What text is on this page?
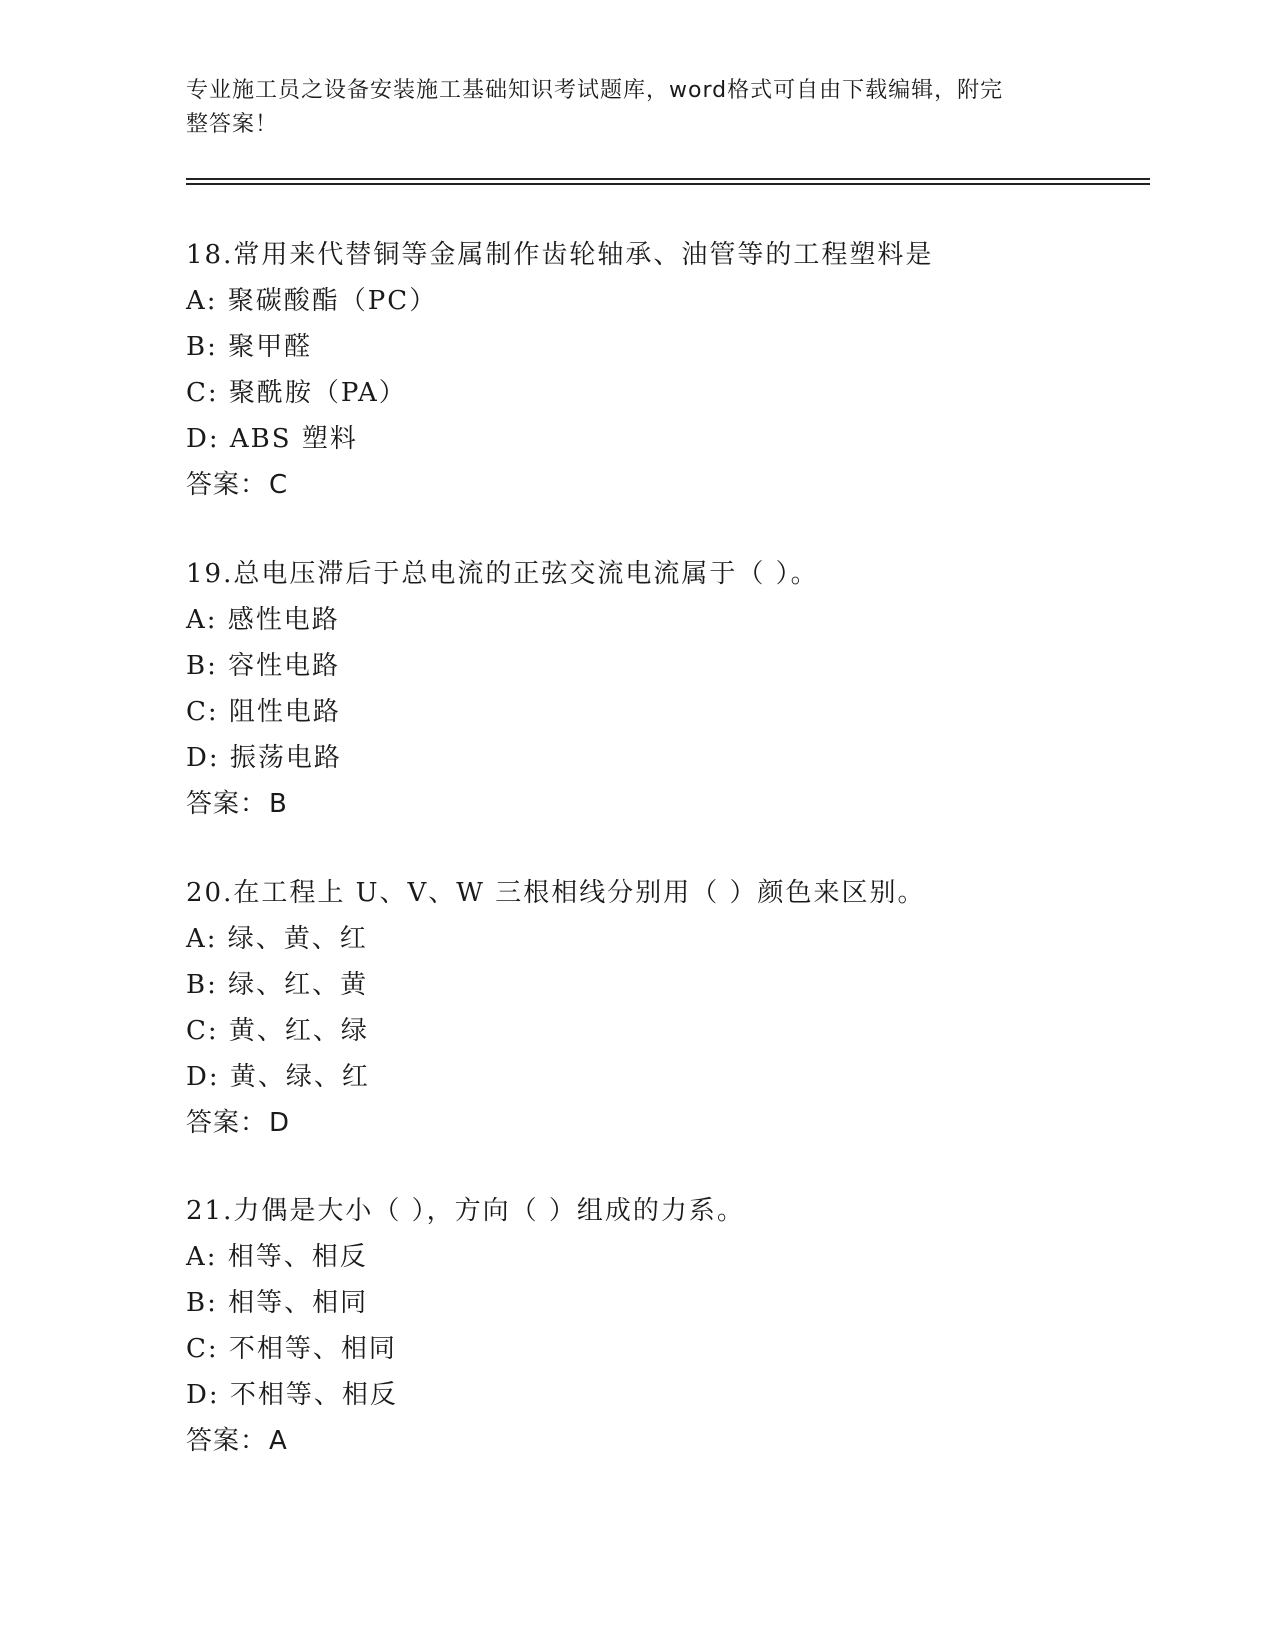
专业施工员之设备安装施工基础知识考试题库，word格式可自由下载编辑，附完
整答案！
18.常用来代替铜等金属制作齿轮轴承、油管等的工程塑料是
A: 聚碳酸酯（PC）
B: 聚甲醛
C: 聚酰胺（PA）
D: ABS 塑料
答案：C
19.总电压滞后于总电流的正弦交流电流属于（ ）。
A: 感性电路
B: 容性电路
C: 阻性电路
D: 振荡电路
答案：B
20.在工程上 U、V、W 三根相线分别用（ ）颜色来区别。
A: 绿、黄、红
B: 绿、红、黄
C: 黄、红、绿
D: 黄、绿、红
答案：D
21.力偶是大小（ ），方向（ ）组成的力系。
A: 相等、相反
B: 相等、相同
C: 不相等、相同
D: 不相等、相反
答案：A
